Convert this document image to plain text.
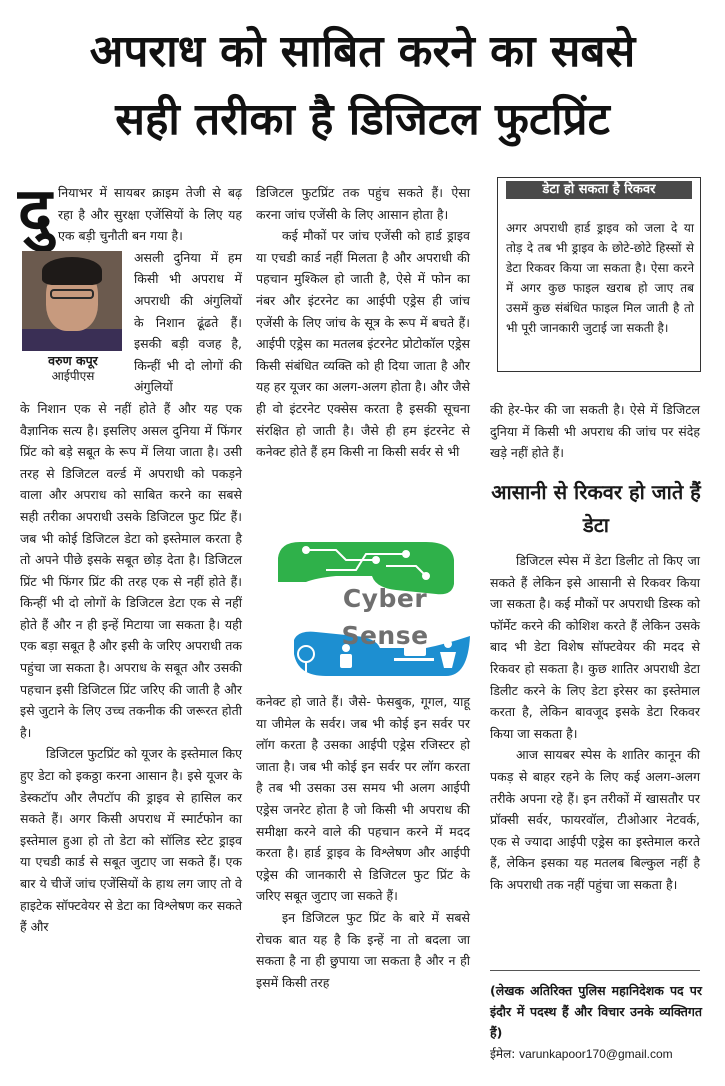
अपराध को साबित करने का सबसे
सही तरीका है डिजिटल फुटप्रिंट
दु नियाभर में सायबर क्राइम तेजी से बढ़ रहा है और सुरक्षा एजेंसियों के लिए यह एक बड़ी चुनौती बन गया है।

वरुण कपूर
आईपीएस

असली दुनिया में हम किसी भी अपराध में अपराधी की अंगुलियों के निशान ढूंढते हैं। इसकी बड़ी वजह है, किन्हीं भी दो लोगों की अंगुलियों

के निशान एक से नहीं होते हैं और यह एक वैज्ञानिक सत्य है। इसलिए असल दुनिया में फिंगर प्रिंट को बड़े सबूत के रूप में लिया जाता है। उसी तरह से डिजिटल वर्ल्ड में अपराधी को पकड़ने वाला और अपराध को साबित करने का सबसे सही तरीका अपराधी उसके डिजिटल फुट प्रिंट हैं। जब भी कोई डिजिटल डेटा को इस्तेमाल करता है तो अपने पीछे इसके सबूत छोड़ देता है। डिजिटल प्रिंट भी फिंगर प्रिंट की तरह एक से नहीं होते हैं। किन्हीं भी दो लोगों के डिजिटल डेटा एक से नहीं होते हैं और न ही इन्हें मिटाया जा सकता है। यही एक बड़ा सबूत है और इसी के जरिए अपराधी तक पहुंचा जा सकता है। अपराध के सबूत और उसकी पहचान इसी डिजिटल प्रिंट जरिए की जाती है और इसे जुटाने के लिए उच्च तकनीक की जरूरत होती है।

डिजिटल फुटप्रिंट को यूजर के इस्तेमाल किए हुए डेटा को इकठ्ठा करना आसान है। इसे यूजर के डेस्कटॉप और लैपटॉप की ड्राइव से हासिल कर सकते हैं। अगर किसी अपराध में स्मार्टफोन का इस्तेमाल हुआ हो तो डेटा को सॉलिड स्टेट ड्राइव या एचडी कार्ड से सबूत जुटाए जा सकते हैं। एक बार ये चीजें जांच एजेंसियों के हाथ लग जाए तो वे हाइटेक सॉफ्टवेयर से डेटा का विश्लेषण कर सकते हैं और

डिजिटल फुटप्रिंट तक पहुंच सकते हैं। ऐसा करना जांच एजेंसी के लिए आसान होता है।

कई मौकों पर जांच एजेंसी को हार्ड ड्राइव या एचडी कार्ड नहीं मिलता है और अपराधी की पहचान मुश्किल हो जाती है, ऐसे में फोन का नंबर और इंटरनेट का आईपी एड्रेस ही जांच एजेंसी के लिए जांच के सूत्र के रूप में बचते हैं। आईपी एड्रेस का मतलब इंटरनेट प्रोटोकॉल एड्रेस किसी संबंधित व्यक्ति को ही दिया जाता है और यह हर यूजर का अलग-अलग होता है। और जैसे ही वो इंटरनेट एक्सेस करता है इसकी सूचना संरक्षित हो जाती है। जैसे ही हम इंटरनेट से कनेक्ट होते हैं हम किसी ना किसी सर्वर से भी

Cyber
Sense

कनेक्ट हो जाते हैं। जैसे- फेसबुक, गूगल, याहू या जीमेल के सर्वर। जब भी कोई इन सर्वर पर लॉग करता है उसका आईपी एड्रेस रजिस्टर हो जाता है। जब भी कोई इन सर्वर पर लॉग करता है तब भी उसका उस समय भी अलग आईपी एड्रेस जनरेट होता है जो किसी भी अपराध की समीक्षा करने वाले की पहचान करने में मदद करता है। हार्ड ड्राइव के विश्लेषण और आईपी एड्रेस की जानकारी से डिजिटल फुट प्रिंट के जरिए सबूत जुटाए जा सकते हैं।

इन डिजिटल फुट प्रिंट के बारे में सबसे रोचक बात यह है कि इन्हें ना तो बदला जा सकता है ना ही छुपाया जा सकता है और न ही इसमें किसी तरह

डेटा हो सकता है रिकवर
अगर अपराधी हार्ड ड्राइव को जला दे या तोड़ दे तब भी ड्राइव के छोटे-छोटे हिस्सों से डेटा रिकवर किया जा सकता है। ऐसा करने में अगर कुछ फाइल खराब हो जाए तब उसमें कुछ संबंधित फाइल मिल जाती है तो भी पूरी जानकारी जुटाई जा सकती है।

की हेर-फेर की जा सकती है। ऐसे में डिजिटल दुनिया में किसी भी अपराध की जांच पर संदेह खड़े नहीं होते हैं।

आसानी से रिकवर हो जाते हैं डेटा

डिजिटल स्पेस में डेटा डिलीट तो किए जा सकते हैं लेकिन इसे आसानी से रिकवर किया जा सकता है। कई मौकों पर अपराधी डिस्क को फॉर्मेट करने की कोशिश करते हैं लेकिन उसके बाद भी डेटा विशेष सॉफ्टवेयर की मदद से रिकवर हो सकता है। कुछ शातिर अपराधी डेटा डिलीट करने के लिए डेटा इरेसर का इस्तेमाल करता है, लेकिन बावजूद इसके डेटा रिकवर किया जा सकता है।

आज सायबर स्पेस के शातिर कानून की पकड़ से बाहर रहने के लिए कई अलग-अलग तरीके अपना रहे हैं। इन तरीकों में खासतौर पर प्रॉक्सी सर्वर, फायरवॉल, टीओआर नेटवर्क, एक से ज्यादा आईपी एड्रेस का इस्तेमाल करते हैं, लेकिन इसका यह मतलब बिल्कुल नहीं है कि अपराधी तक नहीं पहुंचा जा सकता है।

(लेखक अतिरिक्त पुलिस महानिदेशक पद पर इंदौर में पदस्थ हैं और विचार उनके व्यक्तिगत हैं)
ईमेल: varunkapoor170@gmail.com
